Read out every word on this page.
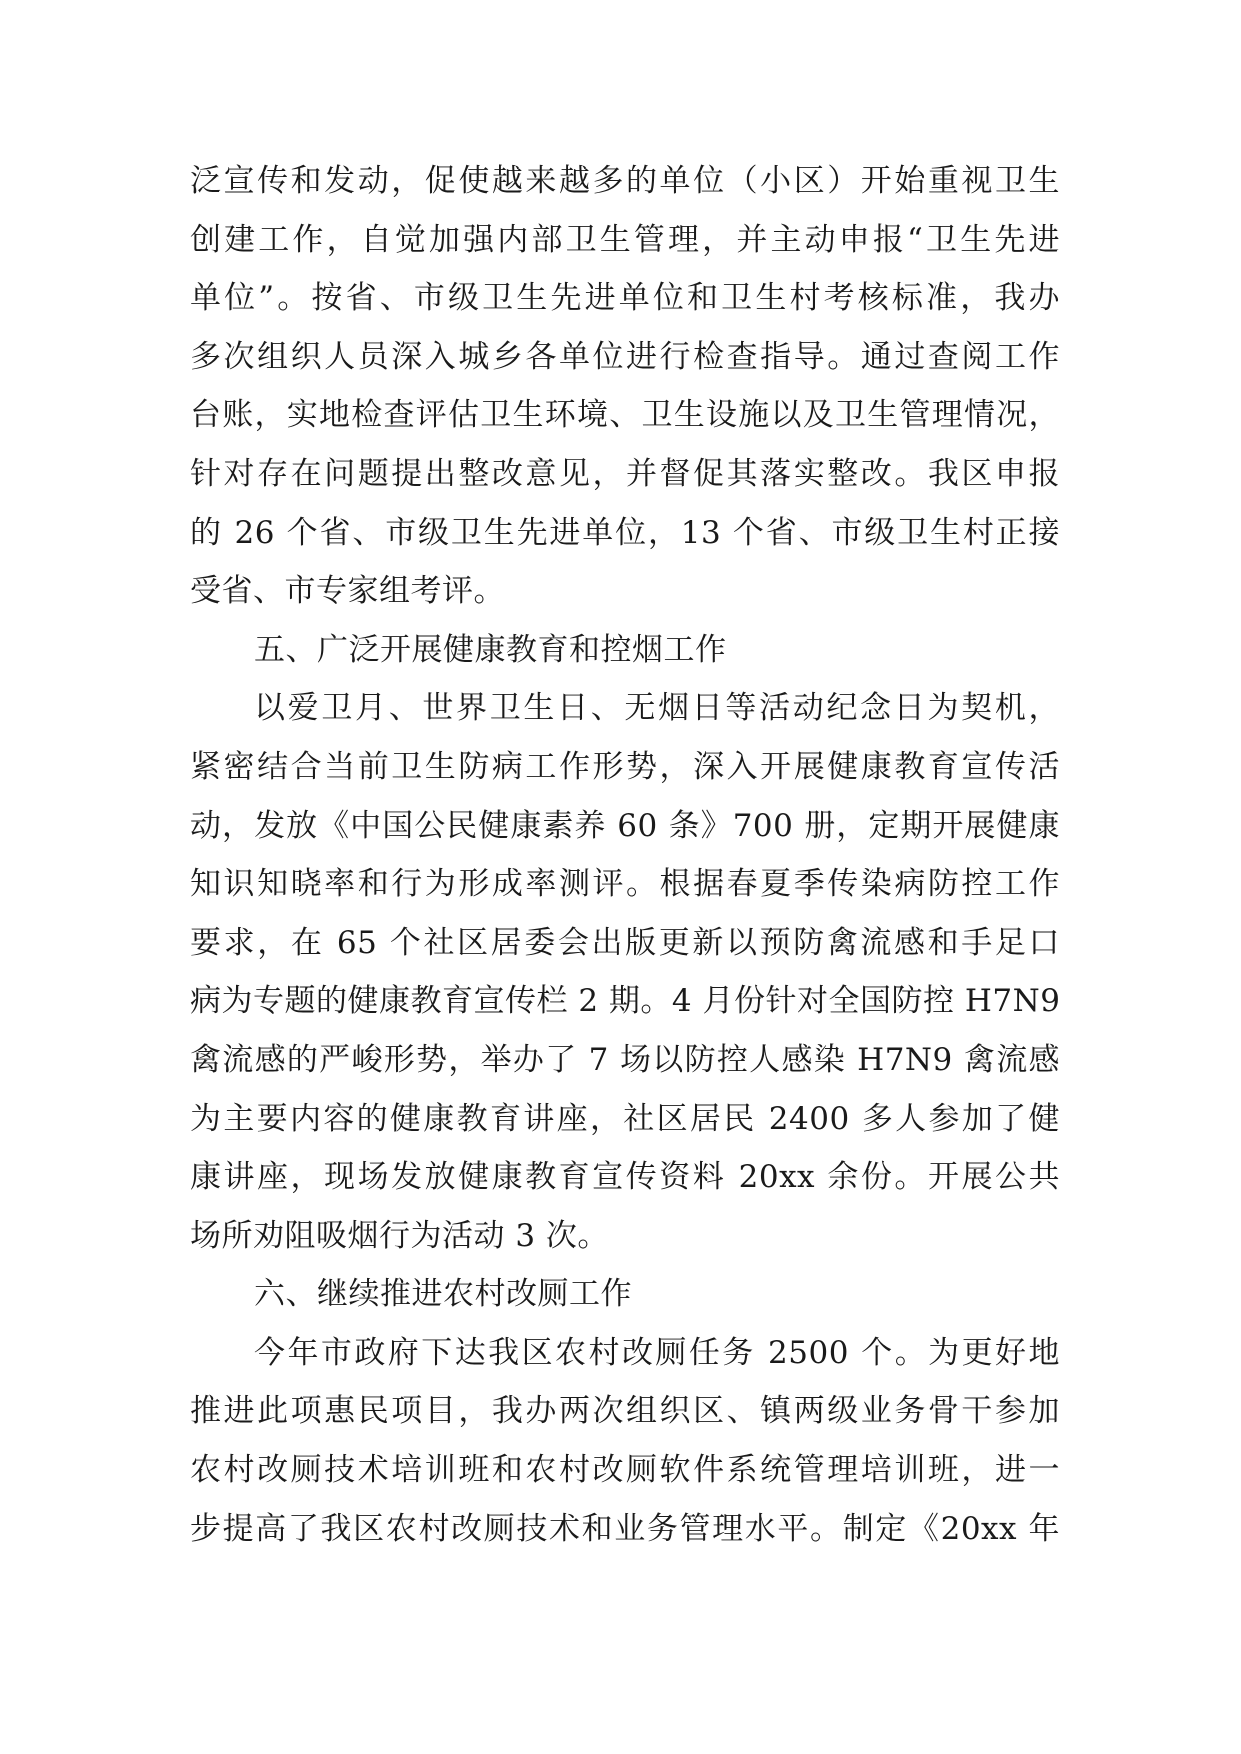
泛宣传和发动，促使越来越多的单位（小区）开始重视卫生
创建工作，自觉加强内部卫生管理，并主动申报“卫生先进
单位”。按省、市级卫生先进单位和卫生村考核标准，我办
多次组织人员深入城乡各单位进行检查指导。通过查阅工作
台账，实地检查评估卫生环境、卫生设施以及卫生管理情况，
针对存在问题提出整改意见，并督促其落实整改。我区申报
的 26 个省、市级卫生先进单位，13 个省、市级卫生村正接
受省、市专家组考评。
五、广泛开展健康教育和控烟工作
以爱卫月、世界卫生日、无烟日等活动纪念日为契机，
紧密结合当前卫生防病工作形势，深入开展健康教育宣传活
动，发放《中国公民健康素养 60 条》700 册，定期开展健康
知识知晓率和行为形成率测评。根据春夏季传染病防控工作
要求，在 65 个社区居委会出版更新以预防禽流感和手足口
病为专题的健康教育宣传栏 2 期。4 月份针对全国防控 H7N9
禽流感的严峻形势，举办了 7 场以防控人感染 H7N9 禽流感
为主要内容的健康教育讲座，社区居民 2400 多人参加了健
康讲座，现场发放健康教育宣传资料 20xx 余份。开展公共
场所劝阻吸烟行为活动 3 次。
六、继续推进农村改厕工作
今年市政府下达我区农村改厕任务 2500 个。为更好地
推进此项惠民项目，我办两次组织区、镇两级业务骨干参加
农村改厕技术培训班和农村改厕软件系统管理培训班，进一
步提高了我区农村改厕技术和业务管理水平。制定《20xx 年
